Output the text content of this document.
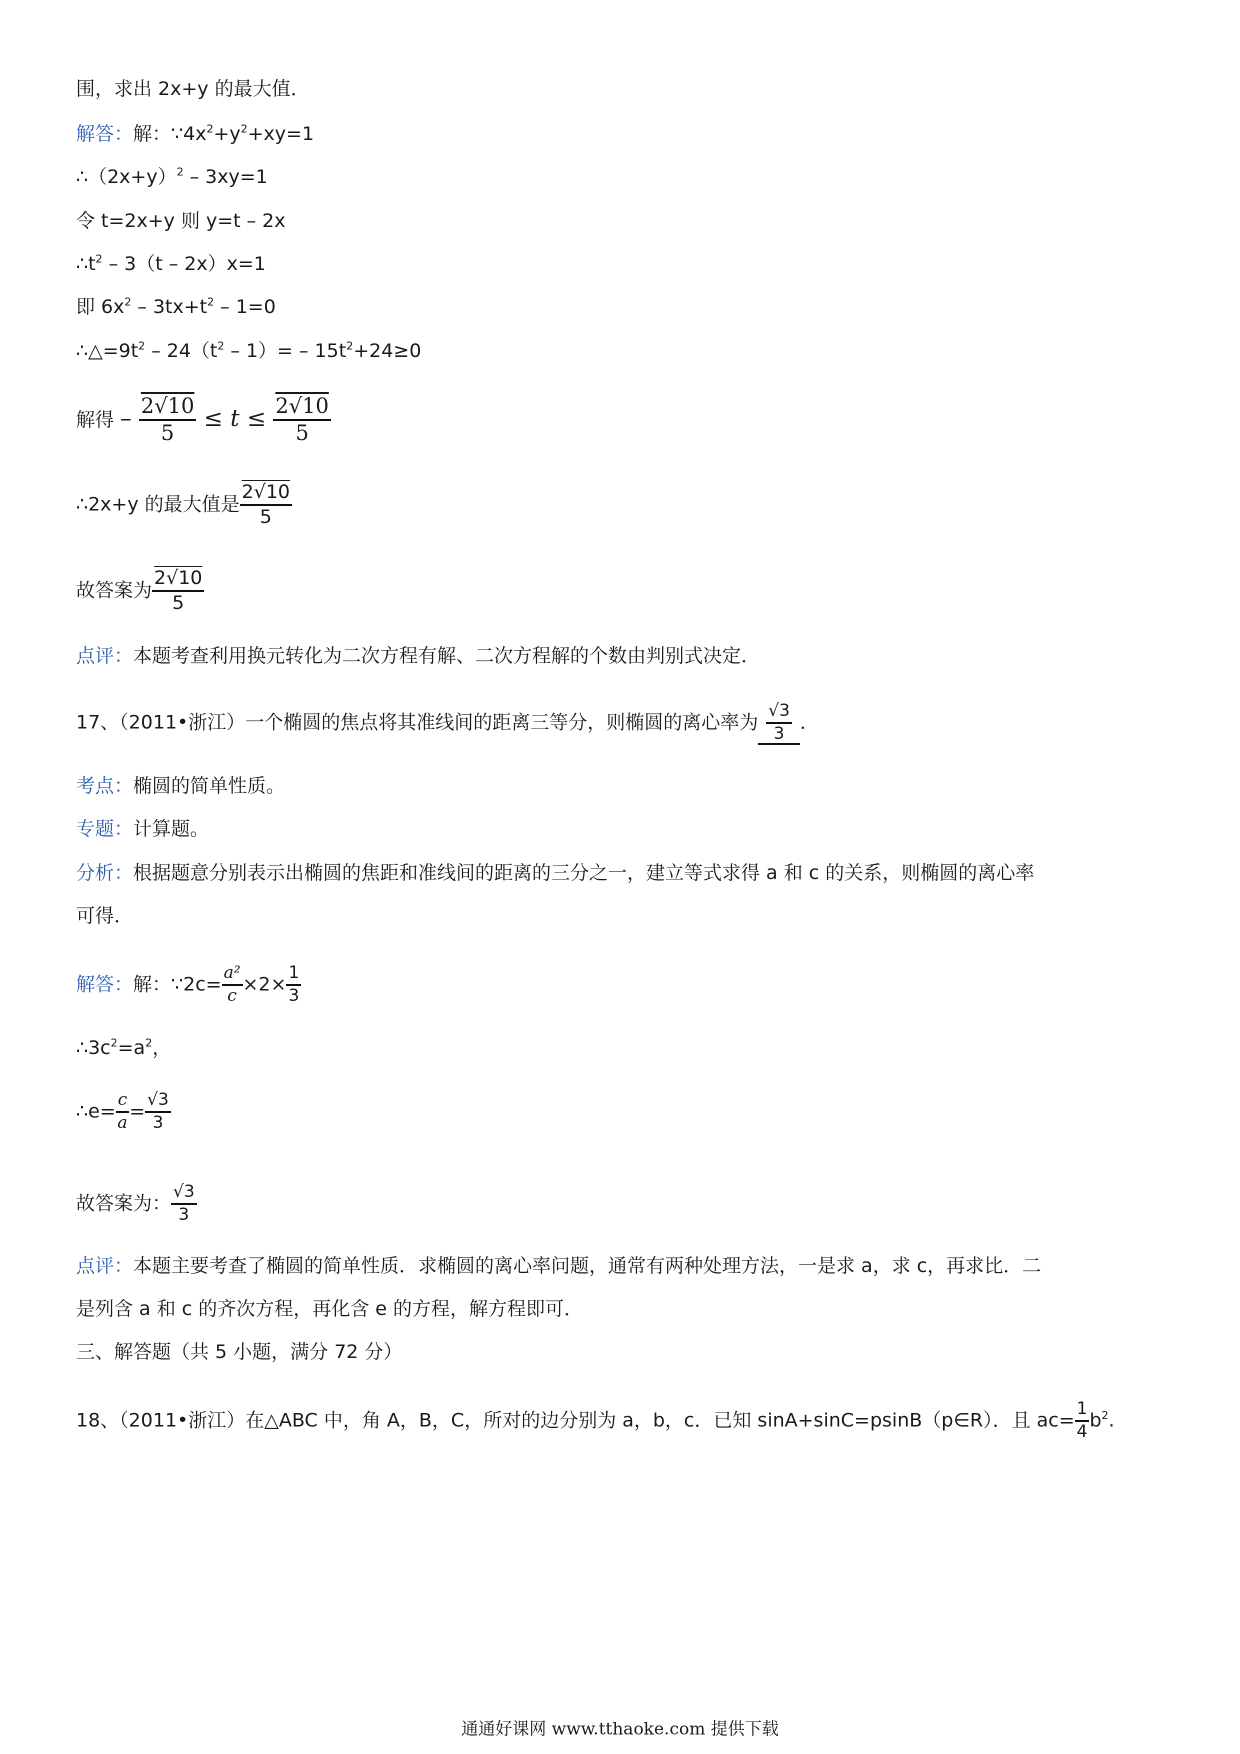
围，求出 2x+y 的最大值．
解答：解：$\because 4x^2+y^2+xy=1$
$\therefore(2x+y)^2 - 3xy=1$
令 t=2x+y 则 y=t – 2x
$\therefore t^2 - 3(t - 2x)x=1$
即 $6x^2 - 3tx+t^2 - 1=0$
$\therefore\triangle=9t^2 - 24(t^2 - 1)= - 15t^2+24\ge 0$
解得 – $\frac{2√10}{5} \le t \le \frac{2√10}{5}$
∴2x+y 的最大值是 $\frac{2√10}{5}$
故答案为 $\frac{2√10}{5}$
点评：本题考查利用换元转化为二次方程有解、二次方程解的个数由判别式决定．
17、（2011•浙江）一个椭圆的焦点将其准线间的距离三等分，则椭圆的离心率为 $\frac{√3}{3}$ ．
考点：椭圆的简单性质。
专题：计算题。
分析：根据题意分别表示出椭圆的焦距和准线间的距离的三分之一，建立等式求得 a 和 c 的关系，则椭圆的离心率
可得．
解答：解：∵2c= $\frac{\text{a²}}{c} \times 2\times \frac{1}{3}$
$\therefore 3c^2=a^2$，
∴e= $\frac{c}{a} = \frac{√3}{3}$
故答案为： $\frac{√3}{3}$
点评：本题主要考查了椭圆的简单性质．求椭圆的离心率问题，通常有两种处理方法，一是求 a，求 c，再求比．二
是列含 a 和 c 的齐次方程，再化含 e 的方程，解方程即可．
三、解答题（共 5 小题，满分 72 分）
18、（2011•浙江）在△ABC 中，角 A，B，C，所对的边分别为 a，b，c．已知 sinA+sinC=psinB（p∈R）．且 $ac= \frac{1}{4} b^2$.
通通好课网 www.tthaoke.com 提供下载
